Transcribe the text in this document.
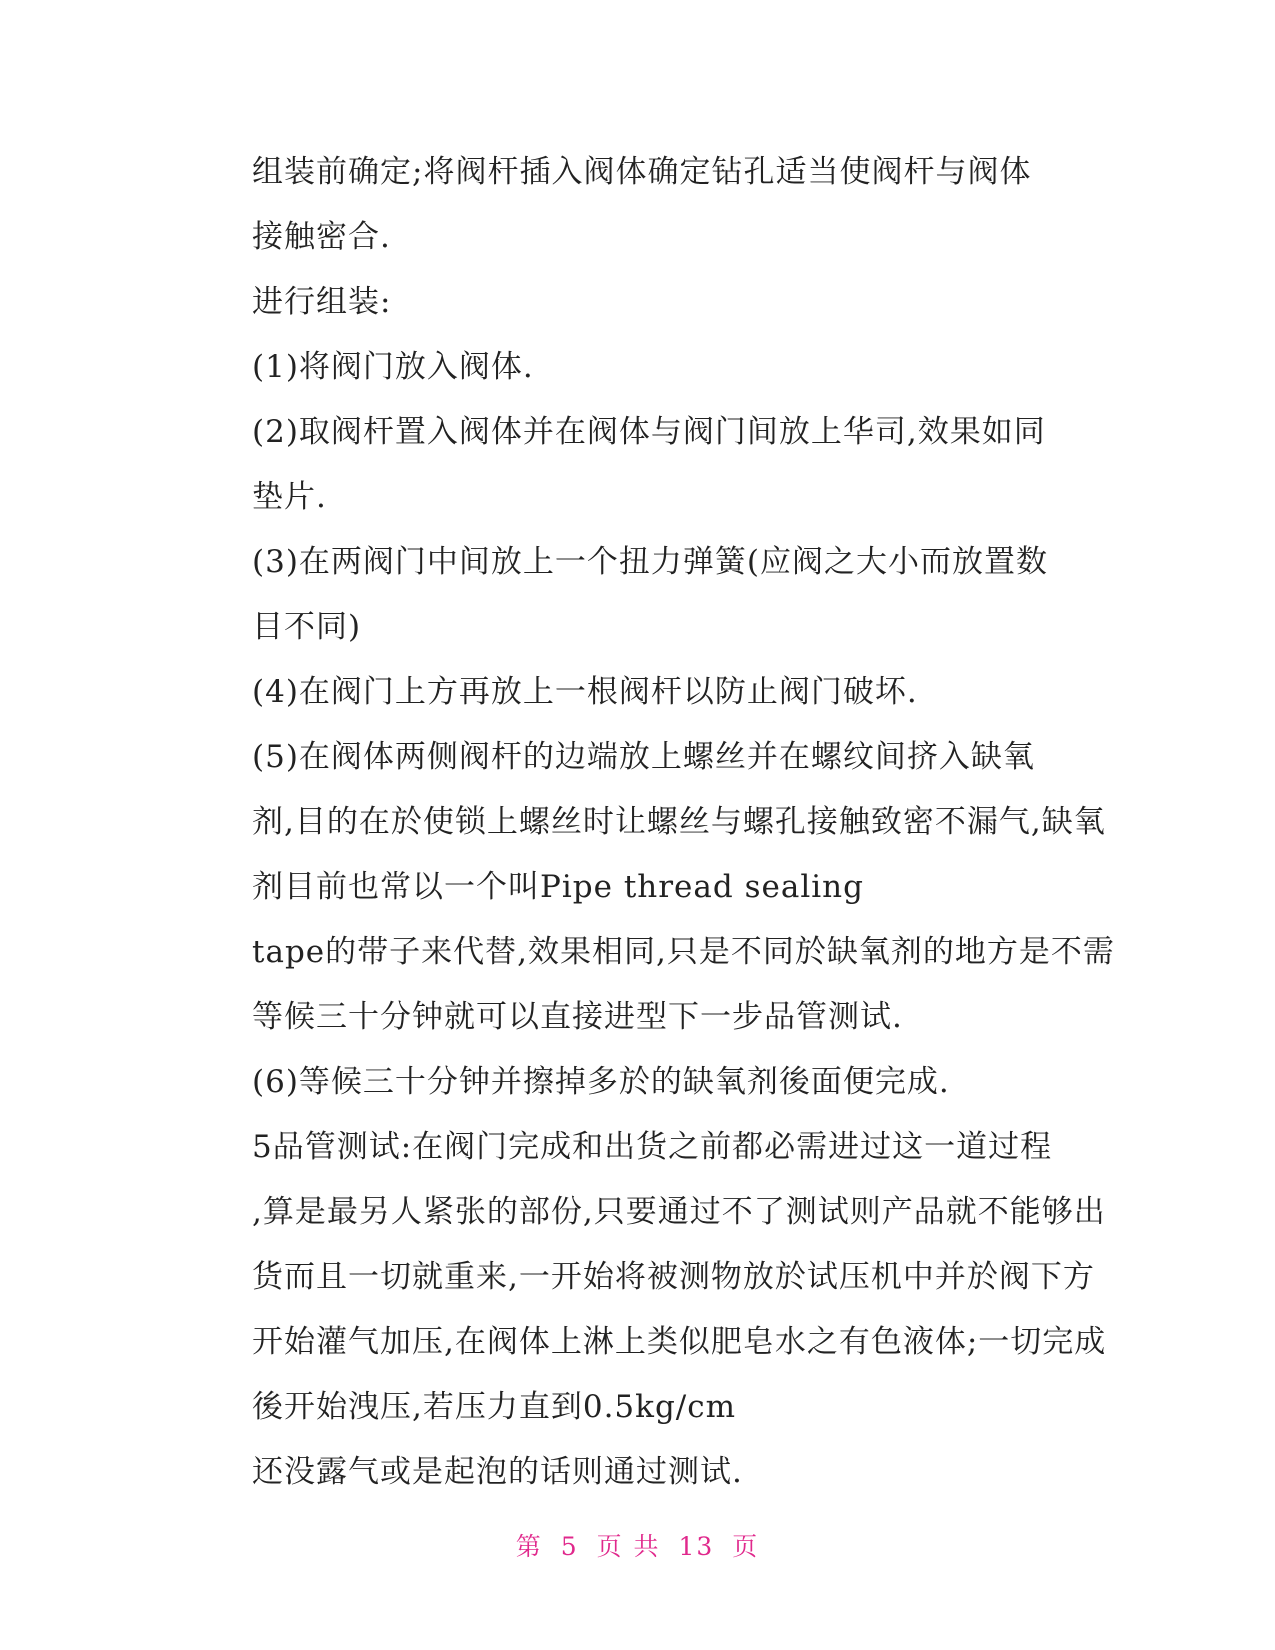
组装前确定;将阀杆插入阀体确定钻孔适当使阀杆与阀体
接触密合.
进行组装:
(1)将阀门放入阀体.
(2)取阀杆置入阀体并在阀体与阀门间放上华司,效果如同
垫片.
(3)在两阀门中间放上一个扭力弹簧(应阀之大小而放置数
目不同)
(4)在阀门上方再放上一根阀杆以防止阀门破坏.
(5)在阀体两侧阀杆的边端放上螺丝并在螺纹间挤入缺氧
剂,目的在於使锁上螺丝时让螺丝与螺孔接触致密不漏气,缺氧
剂目前也常以一个叫Pipe thread sealing
tape的带子来代替,效果相同,只是不同於缺氧剂的地方是不需
等候三十分钟就可以直接进型下一步品管测试.
(6)等候三十分钟并擦掉多於的缺氧剂後面便完成.
5品管测试:在阀门完成和出货之前都必需进过这一道过程
,算是最另人紧张的部份,只要通过不了测试则产品就不能够出
货而且一切就重来,一开始将被测物放於试压机中并於阀下方
开始灌气加压,在阀体上淋上类似肥皂水之有色液体;一切完成
後开始洩压,若压力直到0.5kg/cm
还没露气或是起泡的话则通过测试.
第 5 页 共 13 页
